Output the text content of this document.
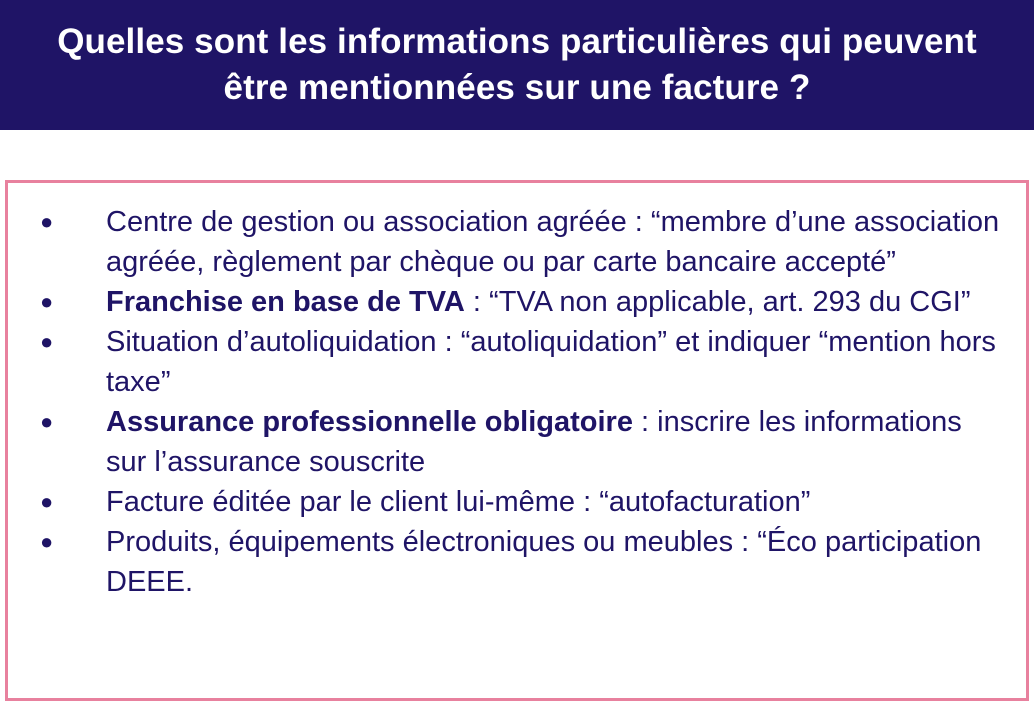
Quelles sont les informations particulières qui peuvent
être mentionnées sur une facture ?
●	Centre de gestion ou association agréée : “membre d’une association agréée, règlement par chèque ou par carte bancaire accepté”
●	Franchise en base de TVA : “TVA non applicable, art. 293 du CGI”
●	Situation d’autoliquidation : “autoliquidation” et indiquer “mention hors taxe”
●	Assurance professionnelle obligatoire : inscrire les informations sur l’assurance souscrite
●	Facture éditée par le client lui-même : “autofacturation”
●	Produits, équipements électroniques ou meubles : “Éco participation DEEE.
